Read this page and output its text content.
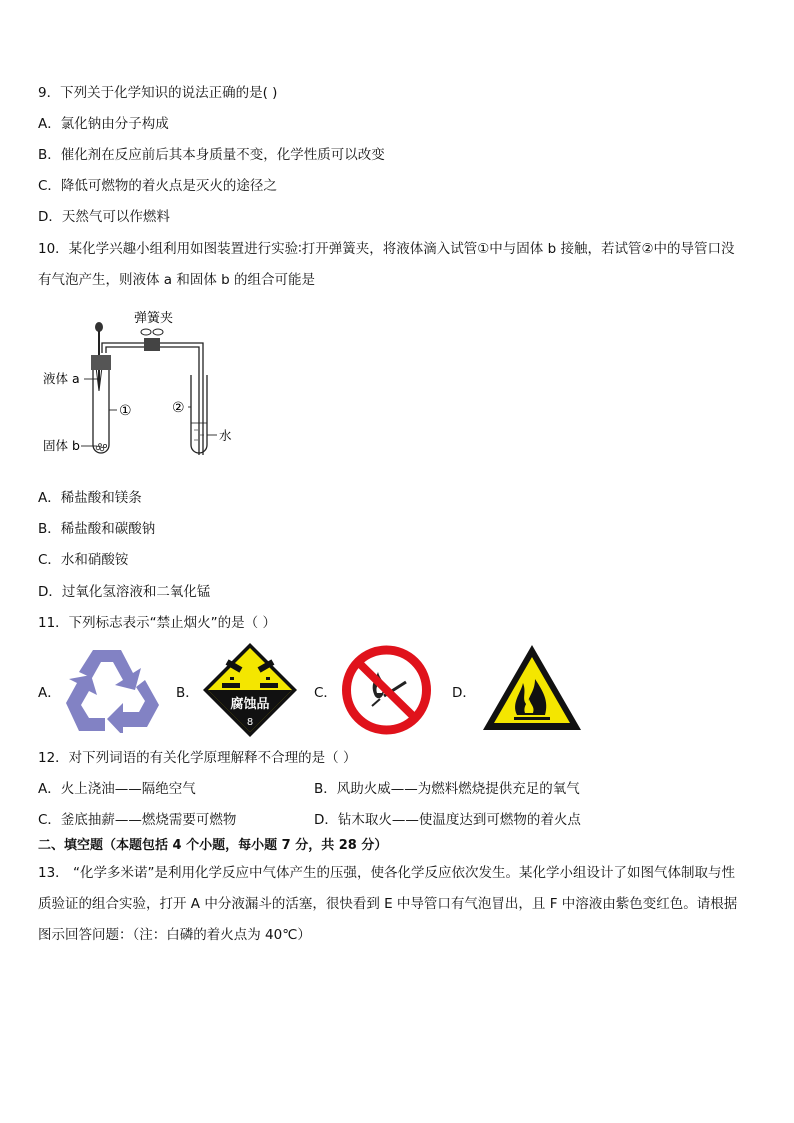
9．下列关于化学知识的说法正确的是( )
A．氯化钠由分子构成
B．催化剂在反应前后其本身质量不变，化学性质可以改变
C．降低可燃物的着火点是灭火的途径之
D．天然气可以作燃料
10．某化学兴趣小组利用如图装置进行实验∶打开弹簧夹，将液体滴入试管①中与固体 b 接触，若试管②中的导管口没
有气泡产生，则液体 a 和固体 b 的组合可能是
弹簧夹
液体 a
固体 b
①	②
水
A．稀盐酸和镁条
B．稀盐酸和碳酸钠
C．水和硝酸铵
D．过氧化氢溶液和二氧化锰
11．下列标志表示“禁止烟火”的是（ ）
A．	B．
腐蚀品
8
C．	D．
12．对下列词语的有关化学原理解释不合理的是（ ）
A．火上浇油——隔绝空气	B．风助火威——为燃料燃烧提供充足的氧气
C．釜底抽薪——燃烧需要可燃物	D．钻木取火——使温度达到可燃物的着火点
二、填空题（本题包括 4 个小题，每小题 7 分，共 28 分）
13． “化学多米诺”是利用化学反应中气体产生的压强，使各化学反应依次发生。某化学小组设计了如图气体制取与性
质验证的组合实验，打开 A 中分液漏斗的活塞，很快看到 E 中导管口有气泡冒出，且 F 中溶液由紫色变红色。请根据
图示回答问题：（注：白磷的着火点为 40℃）
